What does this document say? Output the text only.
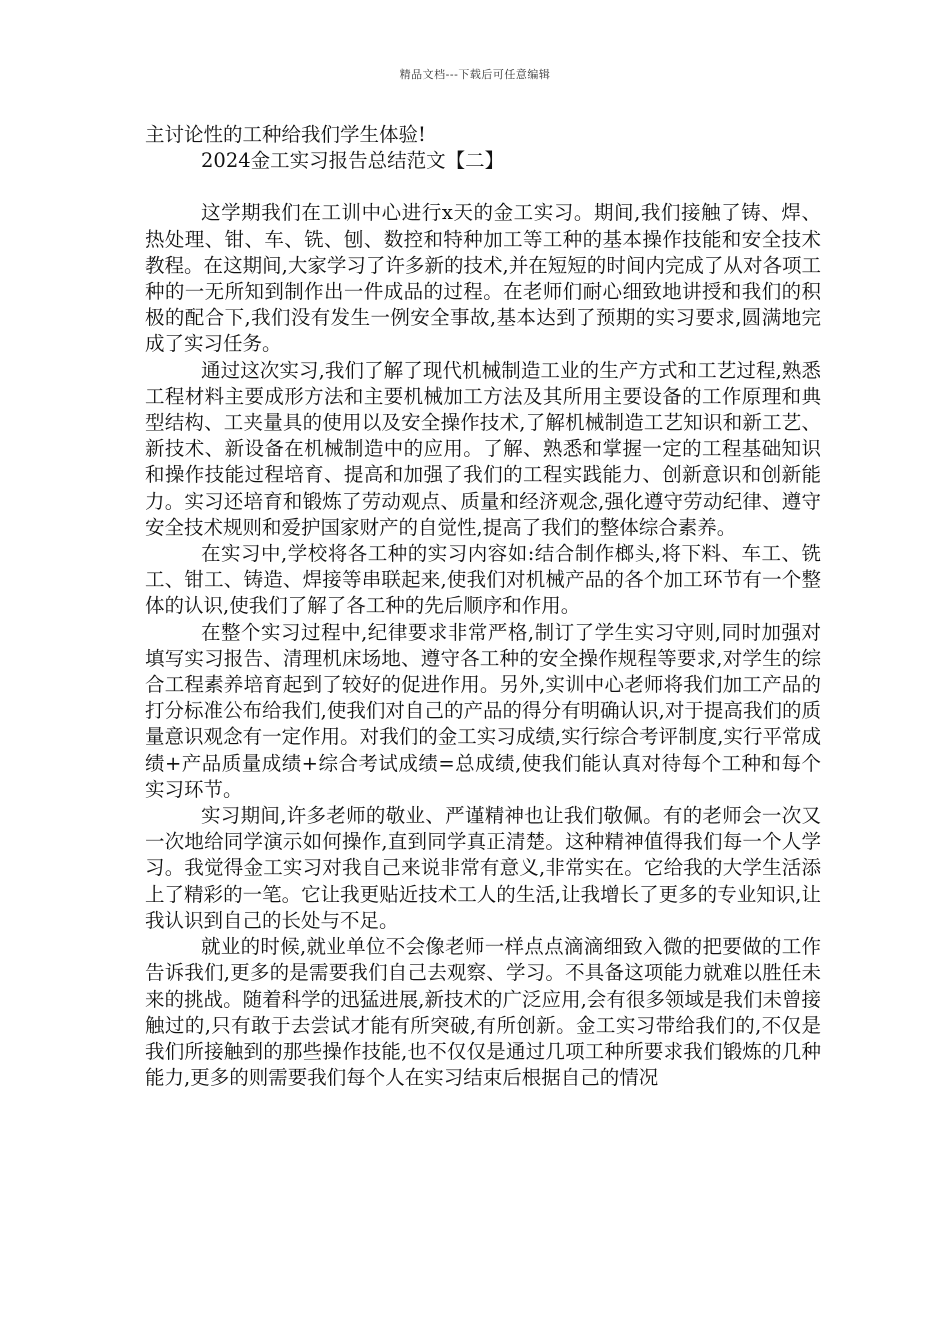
精品文档---下载后可任意编辑

主讨论性的工种给我们学生体验!

2024金工实习报告总结范文【二】

这学期我们在工训中心进行x天的金工实习。期间,我们接触了铸、焊、热处理、钳、车、铣、刨、数控和特种加工等工种的基本操作技能和安全技术教程。在这期间,大家学习了许多新的技术,并在短短的时间内完成了从对各项工种的一无所知到制作出一件成品的过程。在老师们耐心细致地讲授和我们的积极的配合下,我们没有发生一例安全事故,基本达到了预期的实习要求,圆满地完成了实习任务。

通过这次实习,我们了解了现代机械制造工业的生产方式和工艺过程,熟悉工程材料主要成形方法和主要机械加工方法及其所用主要设备的工作原理和典型结构、工夹量具的使用以及安全操作技术,了解机械制造工艺知识和新工艺、新技术、新设备在机械制造中的应用。了解、熟悉和掌握一定的工程基础知识和操作技能过程培育、提高和加强了我们的工程实践能力、创新意识和创新能力。实习还培育和锻炼了劳动观点、质量和经济观念,强化遵守劳动纪律、遵守安全技术规则和爱护国家财产的自觉性,提高了我们的整体综合素养。

在实习中,学校将各工种的实习内容如:结合制作榔头,将下料、车工、铣工、钳工、铸造、焊接等串联起来,使我们对机械产品的各个加工环节有一个整体的认识,使我们了解了各工种的先后顺序和作用。

在整个实习过程中,纪律要求非常严格,制订了学生实习守则,同时加强对填写实习报告、清理机床场地、遵守各工种的安全操作规程等要求,对学生的综合工程素养培育起到了较好的促进作用。另外,实训中心老师将我们加工产品的打分标准公布给我们,使我们对自己的产品的得分有明确认识,对于提高我们的质量意识观念有一定作用。对我们的金工实习成绩,实行综合考评制度,实行平常成绩+产品质量成绩+综合考试成绩=总成绩,使我们能认真对待每个工种和每个实习环节。

实习期间,许多老师的敬业、严谨精神也让我们敬佩。有的老师会一次又一次地给同学演示如何操作,直到同学真正清楚。这种精神值得我们每一个人学习。我觉得金工实习对我自己来说非常有意义,非常实在。它给我的大学生活添上了精彩的一笔。它让我更贴近技术工人的生活,让我增长了更多的专业知识,让我认识到自己的长处与不足。

就业的时候,就业单位不会像老师一样点点滴滴细致入微的把要做的工作告诉我们,更多的是需要我们自己去观察、学习。不具备这项能力就难以胜任未来的挑战。随着科学的迅猛进展,新技术的广泛应用,会有很多领域是我们未曾接触过的,只有敢于去尝试才能有所突破,有所创新。金工实习带给我们的,不仅是我们所接触到的那些操作技能,也不仅仅是通过几项工种所要求我们锻炼的几种能力,更多的则需要我们每个人在实习结束后根据自己的情况
